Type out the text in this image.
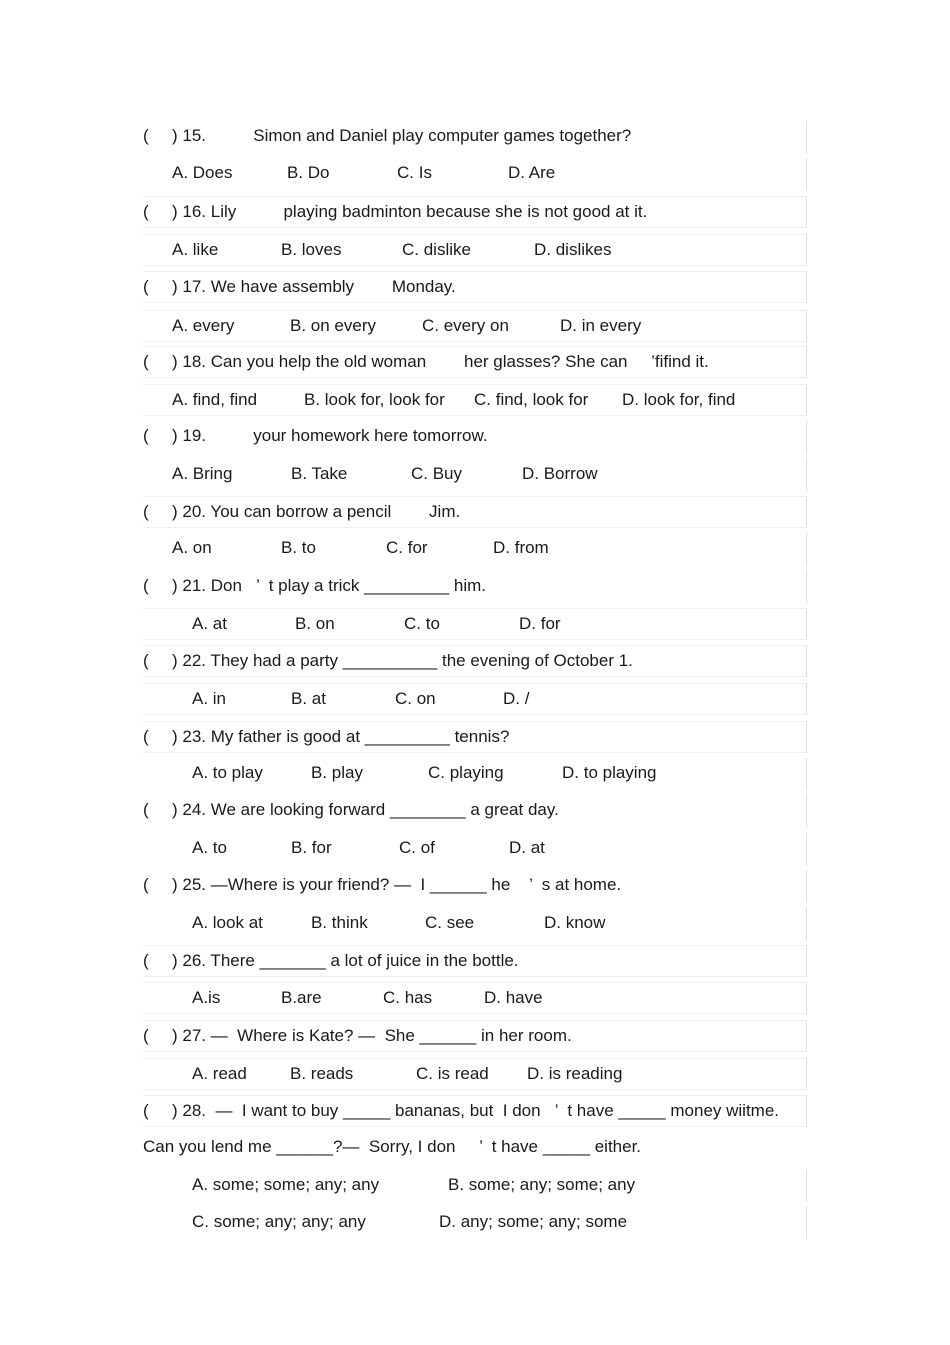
( ) 15.          Simon and Daniel play computer games together?
A. Does	B. Do	C. Is	D. Are
( ) 16. Lily          playing badminton because she is not good at it.
A. like	B. loves	C. dislike	D. dislikes
( ) 17. We have assembly        Monday.
A. every	B. on every	C. every on	D. in every
( ) 18. Can you help the old woman        her glasses? She can     ’fifind it.
A. find, find	B. look for, look for C. find, look for D. look for, find
( ) 19.          your homework here tomorrow.
A. Bring	B. Take	C. Buy	D. Borrow
( ) 20. You can borrow a pencil        Jim.
A. on	B. to	C. for	D. from
( ) 21. Don   ’  t play a trick _________ him.
A. at	B. on	C. to	D. for
( ) 22. They had a party __________ the evening of October 1.
A. in	B. at	C. on	D. /
( ) 23. My father is good at _________ tennis?
A. to play	B. play	C. playing	D. to playing
( ) 24. We are looking forward ________ a great day.
A. to	B. for	C. of	D. at
( ) 25. —Where is your friend? —  I ______ he    ’  s at home.
A. look at	B. think	C. see	D. know
( ) 26. There _______ a lot of juice in the bottle.
A.is	B.are	C. has	D. have
( ) 27. —  Where is Kate? —  She ______ in her room.
A. read	B. reads	C. is read D. is reading
( ) 28.  —  I want to buy _____ bananas, but  I don   ’  t have _____ money wiitme.
Can you lend me ______?—  Sorry, I don     ’  t have _____ either.
A. some; some; any; any	B. some; any; some; any
C. some; any; any; any	D. any; some; any; some
